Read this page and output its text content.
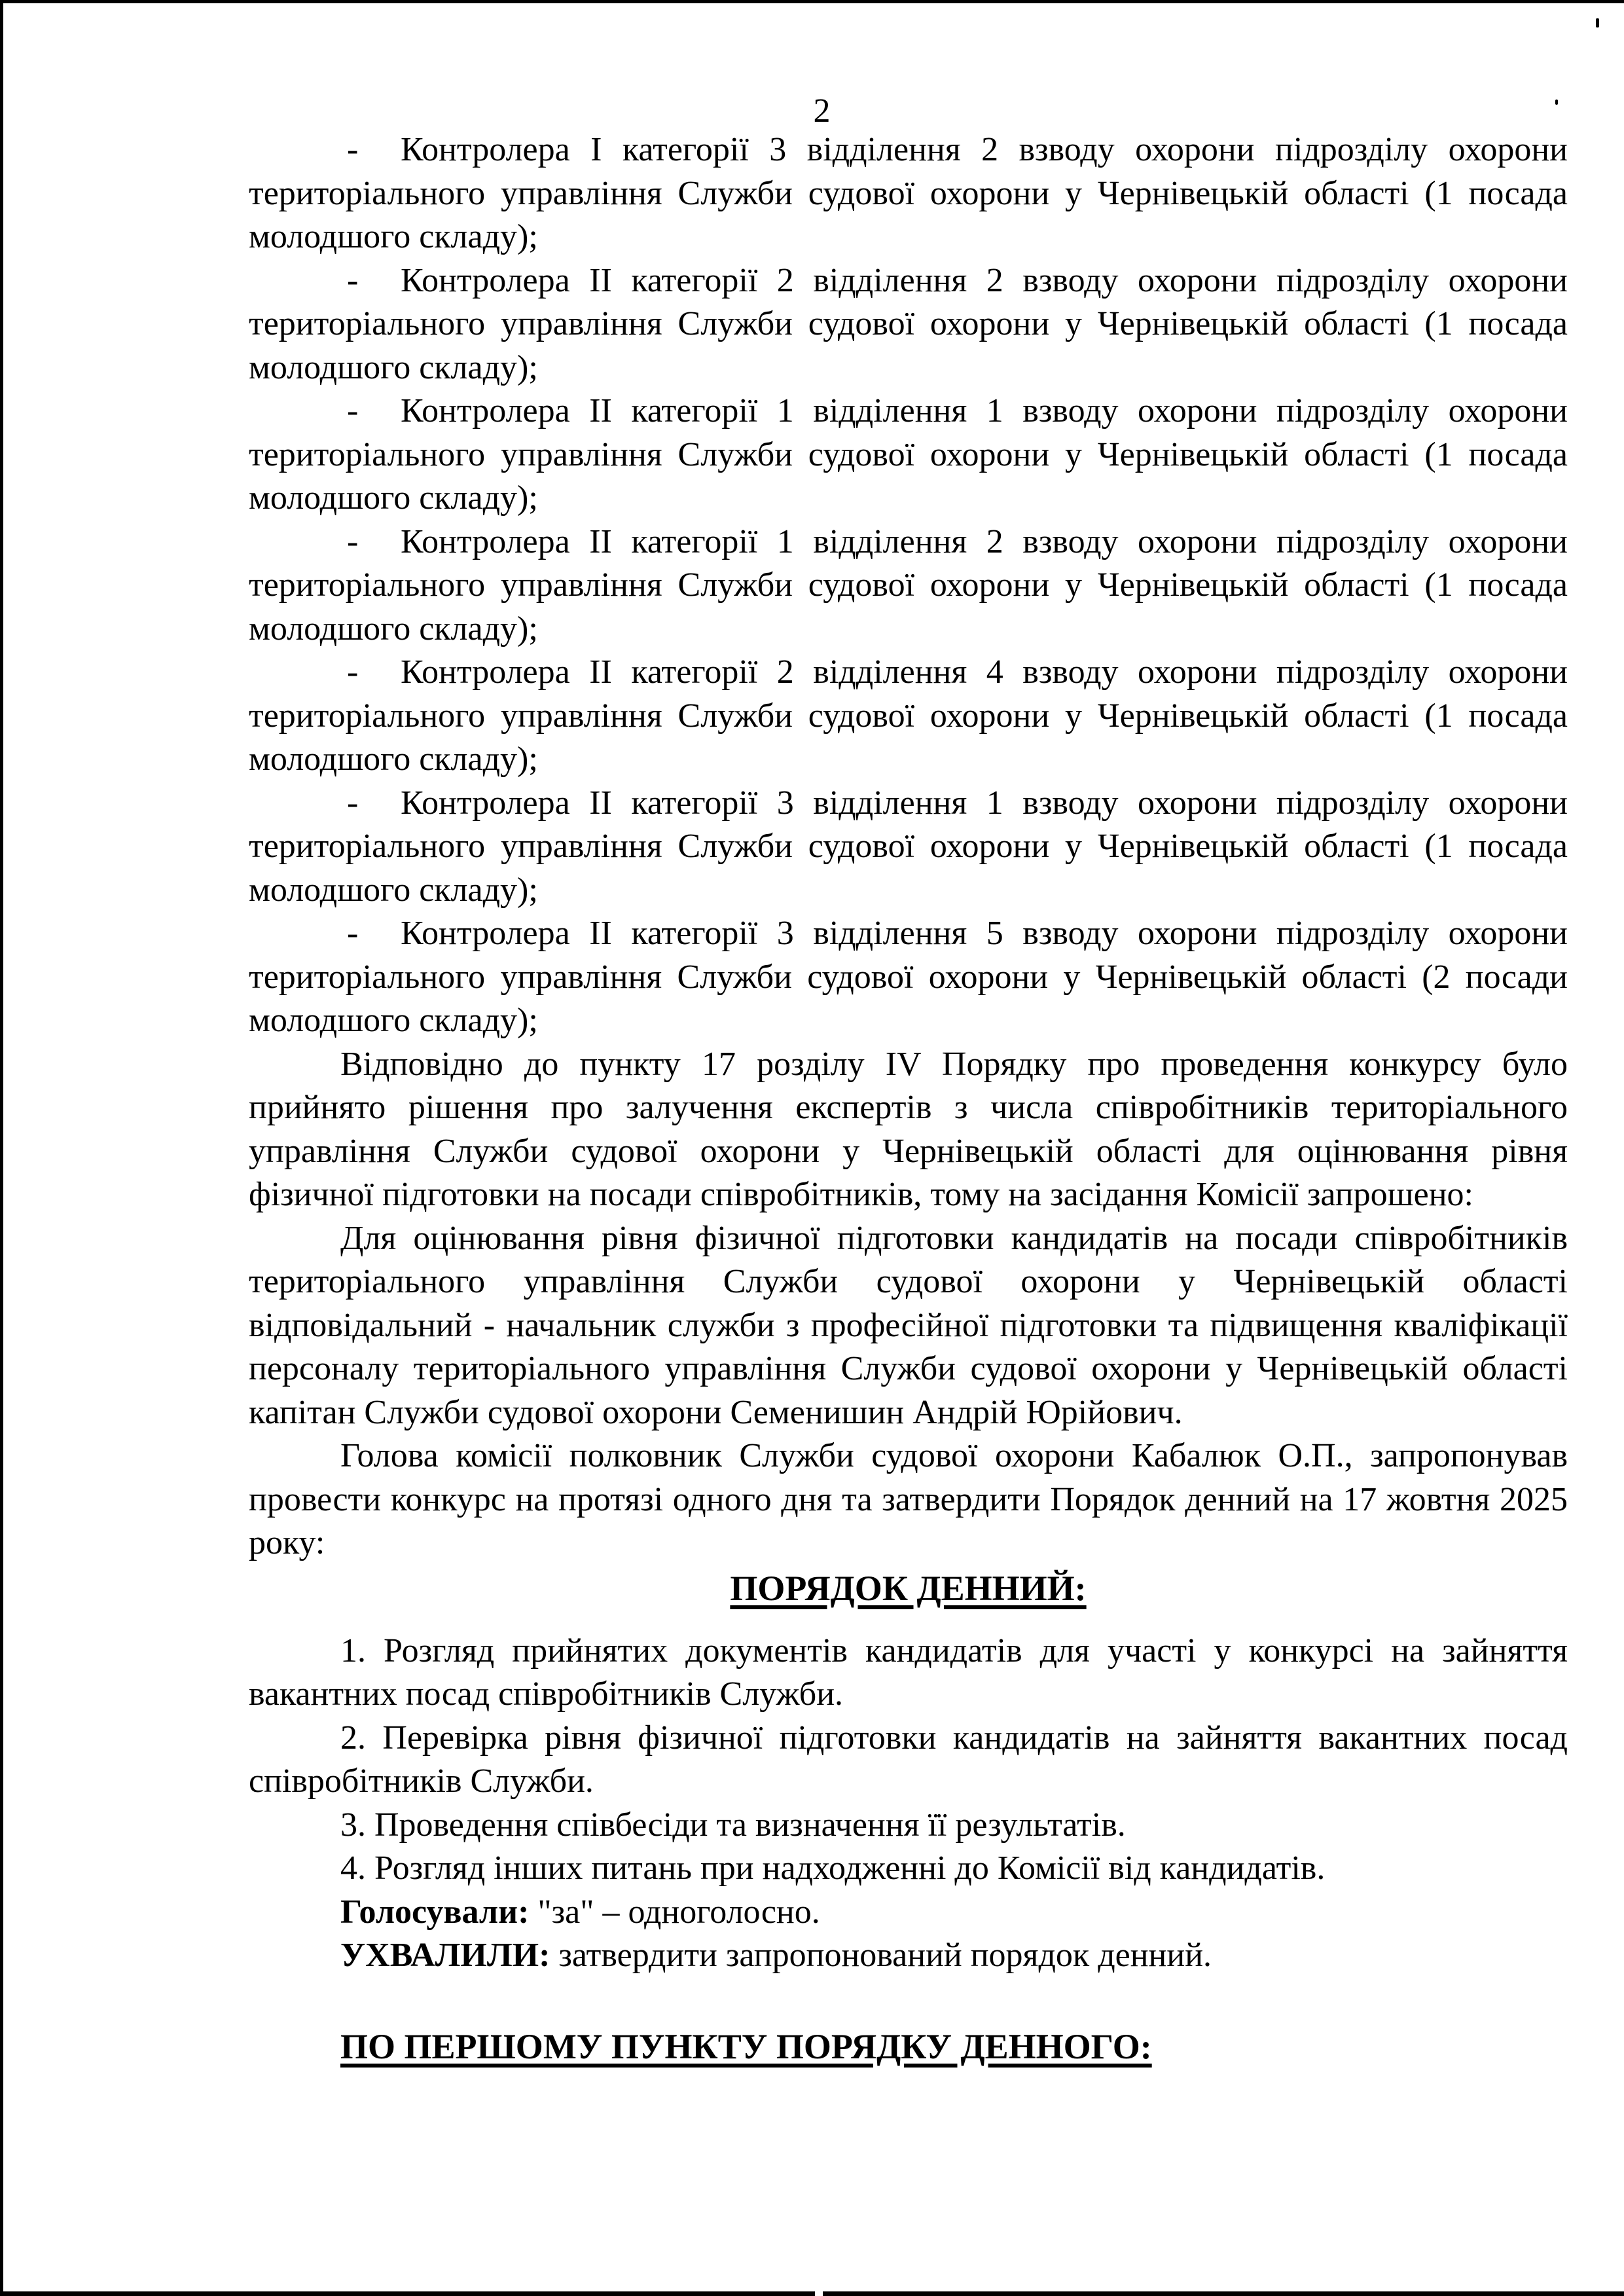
2

- Контролера I категорії 3 відділення 2 взводу охорони підрозділу охорони територіального управління Служби судової охорони у Чернівецькій області (1 посада молодшого складу);

- Контролера II категорії 2 відділення 2 взводу охорони підрозділу охорони територіального управління Служби судової охорони у Чернівецькій області (1 посада молодшого складу);

- Контролера II категорії 1 відділення 1 взводу охорони підрозділу охорони територіального управління Служби судової охорони у Чернівецькій області (1 посада молодшого складу);

- Контролера II категорії 1 відділення 2 взводу охорони підрозділу охорони територіального управління Служби судової охорони у Чернівецькій області (1 посада молодшого складу);

- Контролера II категорії 2 відділення 4 взводу охорони підрозділу охорони територіального управління Служби судової охорони у Чернівецькій області (1 посада молодшого складу);

- Контролера II категорії 3 відділення 1 взводу охорони підрозділу охорони територіального управління Служби судової охорони у Чернівецькій області (1 посада молодшого складу);

- Контролера II категорії 3 відділення 5 взводу охорони підрозділу охорони територіального управління Служби судової охорони у Чернівецькій області (2 посади молодшого складу);

Відповідно до пункту 17 розділу IV Порядку про проведення конкурсу було прийнято рішення про залучення експертів з числа співробітників територіального управління Служби судової охорони у Чернівецькій області для оцінювання рівня фізичної підготовки на посади співробітників, тому на засідання Комісії запрошено:

Для оцінювання рівня фізичної підготовки кандидатів на посади співробітників територіального управління Служби судової охорони у Чернівецькій області відповідальний - начальник служби з професійної підготовки та підвищення кваліфікації персоналу територіального управління Служби судової охорони у Чернівецькій області капітан Служби судової охорони Семенишин Андрій Юрійович.

Голова комісії полковник Служби судової охорони Кабалюк О.П., запропонував провести конкурс на протязі одного дня та затвердити Порядок денний на 17 жовтня 2025 року:

ПОРЯДОК ДЕННИЙ:

1. Розгляд прийнятих документів кандидатів для участі у конкурсі на зайняття вакантних посад співробітників Служби.

2. Перевірка рівня фізичної підготовки кандидатів на зайняття вакантних посад співробітників Служби.

3. Проведення співбесіди та визначення її результатів.

4. Розгляд інших питань при надходженні до Комісії від кандидатів.

Голосували: "за" – одноголосно.

УХВАЛИЛИ: затвердити запропонований порядок денний.

ПО ПЕРШОМУ ПУНКТУ ПОРЯДКУ ДЕННОГО:
